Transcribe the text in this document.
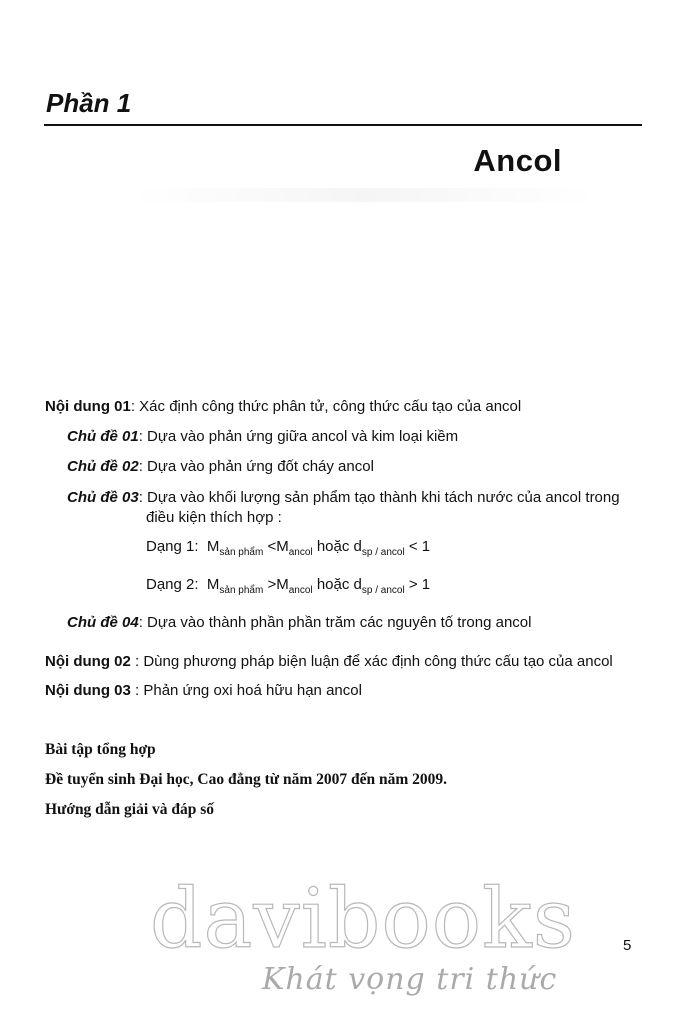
Phần 1
Ancol
Nội dung 01: Xác định công thức phân tử, công thức cấu tạo của ancol
Chủ đề 01: Dựa vào phản ứng giữa ancol và kim loại kiềm
Chủ đề 02: Dựa vào phản ứng đốt cháy ancol
Chủ đề 03: Dựa vào khối lượng sản phẩm tạo thành khi tách nước của ancol trong
điều kiện thích hợp :
Dạng 1: $M_{sản phẩm} <M_{ancol}$ hoặc $d_{sp / ancol} < 1$
Dạng 2: $M_{sản phẩm} >M_{ancol}$ hoặc $d_{sp / ancol} > 1$
Chủ đề 04: Dựa vào thành phần phần trăm các nguyên tố trong ancol
Nội dung 02 : Dùng phương pháp biện luận để xác định công thức cấu tạo của ancol
Nội dung 03 : Phản ứng oxi hoá hữu hạn ancol
Bài tập tổng hợp
Đề tuyển sinh Đại học, Cao đẳng từ năm 2007 đến năm 2009.
Hướng dẫn giải và đáp số
davibooks
Khát vọng tri thức
5
